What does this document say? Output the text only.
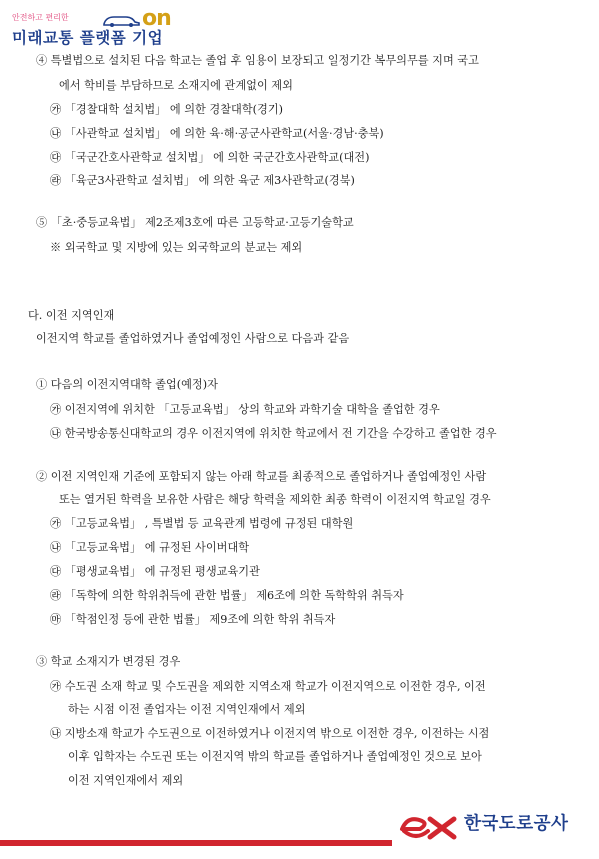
안전하고 편리한	on
미래교통 플랫폼 기업
④ 특별법으로 설치된 다음 학교는 졸업 후 임용이 보장되고 일정기간 복무의무를 지며 국고
에서 학비를 부담하므로 소재지에 관계없이 제외
㉮ 「경찰대학 설치법」 에 의한 경찰대학(경기)
㉯ 「사관학교 설치법」 에 의한 육·해·공군사관학교(서울·경남·충북)
㉰ 「국군간호사관학교 설치법」 에 의한 국군간호사관학교(대전)
㉱ 「육군3사관학교 설치법」 에 의한 육군 제3사관학교(경북)
⑤ 「초·중등교육법」 제2조제3호에 따른 고등학교·고등기술학교
※ 외국학교 및 지방에 있는 외국학교의 분교는 제외
다. 이전 지역인재
이전지역 학교를 졸업하였거나 졸업예정인 사람으로 다음과 같음
① 다음의 이전지역대학 졸업(예정)자
㉮ 이전지역에 위치한 「고등교육법」 상의 학교와 과학기술 대학을 졸업한 경우
㉯ 한국방송통신대학교의 경우 이전지역에 위치한 학교에서 전 기간을 수강하고 졸업한 경우
② 이전 지역인재 기준에 포함되지 않는 아래 학교를 최종적으로 졸업하거나 졸업예정인 사람
또는 열거된 학력을 보유한 사람은 해당 학력을 제외한 최종 학력이 이전지역 학교일 경우
㉮ 「고등교육법」 , 특별법 등 교육관계 법령에 규정된 대학원
㉯ 「고등교육법」 에 규정된 사이버대학
㉰ 「평생교육법」 에 규정된 평생교육기관
㉱ 「독학에 의한 학위취득에 관한 법률」 제6조에 의한 독학학위 취득자
㉲ 「학점인정 등에 관한 법률」 제9조에 의한 학위 취득자
③ 학교 소재지가 변경된 경우
㉮ 수도권 소재 학교 및 수도권을 제외한 지역소재 학교가 이전지역으로 이전한 경우, 이전
하는 시점 이전 졸업자는 이전 지역인재에서 제외
㉯ 지방소재 학교가 수도권으로 이전하였거나 이전지역 밖으로 이전한 경우, 이전하는 시점
이후 입학자는 수도권 또는 이전지역 밖의 학교를 졸업하거나 졸업예정인 것으로 보아
이전 지역인재에서 제외
한국도로공사
